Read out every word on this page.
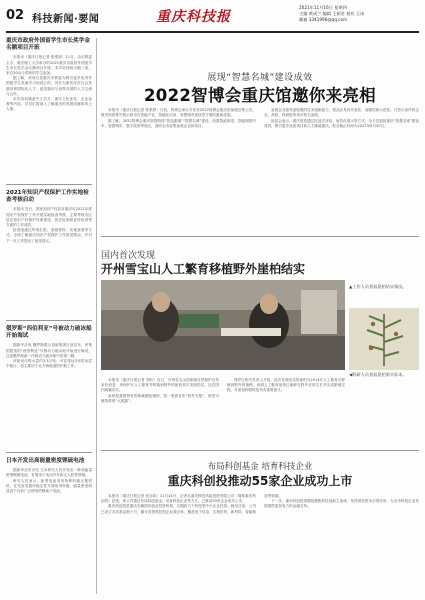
02 科技新闻·要闻	重庆科技报
2021年11月16日 星期四
主编 黄成兰 编辑 王娟君 校对 王冰
邮箱 3341996@qq.com
重庆市政府外国留学生市长奖学金名额项目开班

本报讯（重庆日报记者 张柔婷）11月，由市教委主办、重庆理工大学承办的2021重庆市政府外国留学生市长奖学金名额项目开班，本次培训班为期三周，来自30余个国家的学生参加。

据了解，该项目是重庆市教委为吸引更多优秀外国留学生来渝学习而设立的，旨在为重庆经济社会发展培养国际化人才，促进重庆与世界各国的人文交流与合作。

本次培训涵盖中文学习、重庆文化体验、企业参观等内容，学员们将深入了解重庆的发展成就和风土人情。

2021年知识产权保护工作实地检查考核启动

本报讯 近日，国家知识产权局对重庆市2021年度知识产权保护工作开展实地检查考核，主要考核各区县在知识产权保护体系建设、执法检查和宣传培训等方面的工作成效。

检查组通过听取汇报、查阅资料、实地查看等方式，全面了解重庆知识产权保护工作推进情况，并对下一步工作提出了意见建议。

俄罗斯“西伯利亚”号被动力破冰船开始海试

据新华社电 俄罗斯联合造船集团日前宣布，该集团建造的“西伯利亚”号核动力破冰船开始进行海试，这是俄罗斯新一代核动力破冰船中的第二艘。

该船设计排水量约3.3万吨，可在厚达3米的冰层中航行，将主要用于北方海航道的护航工作。

日本开发出高能量密度锂硫电池

据新华社东京电 日本研究人员开发出一种高能量密度锂硫电池，有望用于电动汽车和无人机等领域。

研究人员表示，新型电池采用特殊的硫正极材料，在充放电循环稳定性方面取得突破，能量密度明显高于目前广泛使用的锂离子电池。

展现“智慧名城”建设成效
2022智博会重庆馆邀你来亮相

本报讯（重庆日报记者 张柔婷）日前，智博会承办方发布2022智博会重庆馆参展征集公告，重庆馆将集中展示我市在智能产业、智能化应用、智慧城市建设等方面的最新成果。

据了解，2022智博会重庆馆将围绕“智造重镇”“智慧名城”建设，设置智能制造、智能网联汽车、智慧城市、数字政府等展区，面向全市征集参展企业和项目。

参展企业需具备较强的技术创新能力，展品应具有代表性、前瞻性和示范性。凡符合条件的企业、高校、科研院所均可报名参展。

组委会表示，重庆馆将通过沉浸式体验、场景化展示等方式，全方位展现重庆“智慧名城”建设成效，吸引更多优质项目和人才落地重庆。报名截止时间为2022年6月30日。

国内首次发现
开州雪宝山人工繁育移植野外崖柏结实
▲工作人员查看崖柏结实情况。
◀科研人员查看崖柏果实标本。

本报讯（重庆日报记者 刘昕）近日，开州雪宝山国家级自然保护区传来好消息：该保护区人工繁育并移植到野外的崖柏首次发现结实，这在国内尚属首次。

崖柏是我国特有的珍稀濒危植物，曾一度被宣布“野外灭绝”，被誉为植物界的“大熊猫”。

保护区相关负责人介绍，此次发现结实的崖柏为2014年人工繁育后移植到野外的植株，表明人工繁育崖柏已能够在野外正常生长并完成繁殖过程，对崖柏种群恢复具有重要意义。

布局科创基金 培育科技企业
重庆科创投推动55家企业成功上市

本报讯（重庆日报记者 张亦筑）11月15日，记者从重庆科技风险投资有限公司（简称重庆科创投）获悉，该公司通过布局科创基金、培育科技企业等方式，已推动55家企业成功上市。

重庆科创投是重庆市属国有创业投资机构，长期致力于科技型中小企业投资。截至目前，公司已设立各类基金数十只，累计投资科技型企业数百家，覆盖电子信息、生物医药、新材料、智能制造等领域。

下一步，重庆科创投将继续聚焦科技创新主战场，发挥国有资本引领作用，为全市科技企业发展提供更加有力的金融支持。
